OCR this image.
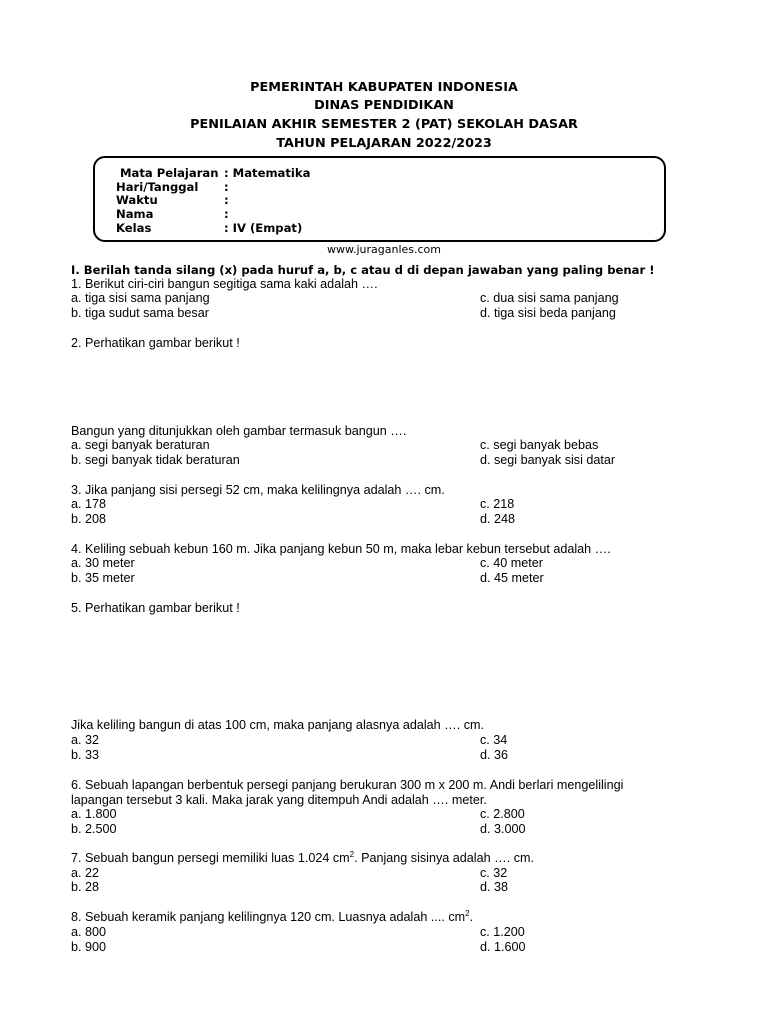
PEMERINTAH KABUPATEN INDONESIA
DINAS PENDIDIKAN
PENILAIAN AKHIR SEMESTER 2 (PAT) SEKOLAH DASAR
TAHUN PELAJARAN 2022/2023
Mata Pelajaran : Matematika
Hari/Tanggal :
Waktu	:
Nama	:
Kelas	: IV (Empat)
www.juraganles.com
I. Berilah tanda silang (x) pada huruf a, b, c atau d di depan jawaban yang paling benar !
1. Berikut ciri-ciri bangun segitiga sama kaki adalah ….
a. tiga sisi sama panjang	c. dua sisi sama panjang
b. tiga sudut sama besar	d. tiga sisi beda panjang
2. Perhatikan gambar berikut !
Bangun yang ditunjukkan oleh gambar termasuk bangun ….
a. segi banyak beraturan	c. segi banyak bebas
b. segi banyak tidak beraturan	d. segi banyak sisi datar
3. Jika panjang sisi persegi 52 cm, maka kelilingnya adalah …. cm.
a. 178	c. 218
b. 208	d. 248
4. Keliling sebuah kebun 160 m. Jika panjang kebun 50 m, maka lebar kebun tersebut adalah ….
a. 30 meter	c. 40 meter
b. 35 meter	d. 45 meter
5. Perhatikan gambar berikut !
Jika keliling bangun di atas 100 cm, maka panjang alasnya adalah …. cm.
a. 32	c. 34
b. 33	d. 36
6. Sebuah lapangan berbentuk persegi panjang berukuran 300 m x 200 m. Andi berlari mengelilingi
lapangan tersebut 3 kali. Maka jarak yang ditempuh Andi adalah …. meter.
a. 1.800	c. 2.800
b. 2.500	d. 3.000
7. Sebuah bangun persegi memiliki luas 1.024 $cm^2$. Panjang sisinya adalah …. cm.
a. 22	c. 32
b. 28	d. 38
8. Sebuah keramik panjang kelilingnya 120 cm. Luasnya adalah .... $cm^2$.
a. 800	c. 1.200
b. 900	d. 1.600
